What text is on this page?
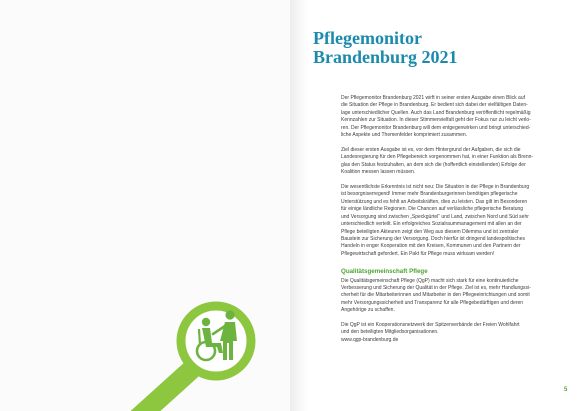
Pflegemonitor
Brandenburg 2021
Der Pflegemonitor Brandenburg 2021 wirft in seiner ersten Ausgabe einen Blick auf
die Situation der Pflege in Brandenburg. Er bedient sich dabei der vielfältigen Daten-
lage unterschiedlicher Quellen. Auch das Land Brandenburg veröffentlicht regelmäßig
Kennzahlen zur Situation. In dieser Stimmenvielfalt geht der Fokus nur zu leicht verlo-
ren. Der Pflegemonitor Brandenburg will dem entgegenwirken und bringt unterschied-
liche Aspekte und Themenfelder komprimiert zusammen.
Ziel dieser ersten Ausgabe ist es, vor dem Hintergrund der Aufgaben, die sich die
Landesregierung für den Pflegebereich vorgenommen hat, in einer Funktion als Brenn-
glas den Status festzuhalten, an dem sich die (hoffentlich einstellenden) Erfolge der
Koalition messen lassen müssen.
Die wesentlichste Erkenntnis ist nicht neu: Die Situation in der Pflege in Brandenburg
ist besorgniserregend! Immer mehr Brandenburgerinnen benötigen pflegerische
Unterstützung und es fehlt an Arbeitskräften, dies zu leisten. Das gilt im Besonderen
für einige ländliche Regionen. Die Chancen auf verlässliche pflegerische Beratung
und Versorgung sind zwischen „Speckgürtel“ und Land, zwischen Nord und Süd sehr
unterschiedlich verteilt. Ein erfolgreiches Sozialraummanagement mit allen an der
Pflege beteiligten Akteuren zeigt den Weg aus diesem Dilemma und ist zentraler
Baustein zur Sicherung der Versorgung. Doch hierfür ist dringend landespolitisches
Handeln in enger Kooperation mit den Kreisen, Kommunen und den Partnern der
Pflegewirtschaft gefordert. Ein Pakt für Pflege muss wirksam werden!
Qualitätsgemeinschaft Pflege
Die Qualitätsgemeinschaft Pflege (QgP) macht sich stark für eine kontinuierliche
Verbesserung und Sicherung der Qualität in der Pflege. Ziel ist es, mehr Handlungssi-
cherheit für die Mitarbeiterinnen und Mitarbeiter in den Pflegeeinrichtungen und somit
mehr Versorgungssicherheit und Transparenz für alle Pflegebedürftigen und deren
Angehörige zu schaffen.
Die QgP ist ein Kooperationsnetzwerk der Spitzenverbände der Freien Wohlfahrt
und den beteiligten Mitgliedsorganisationen.
www.qgp-brandenburg.de
5
